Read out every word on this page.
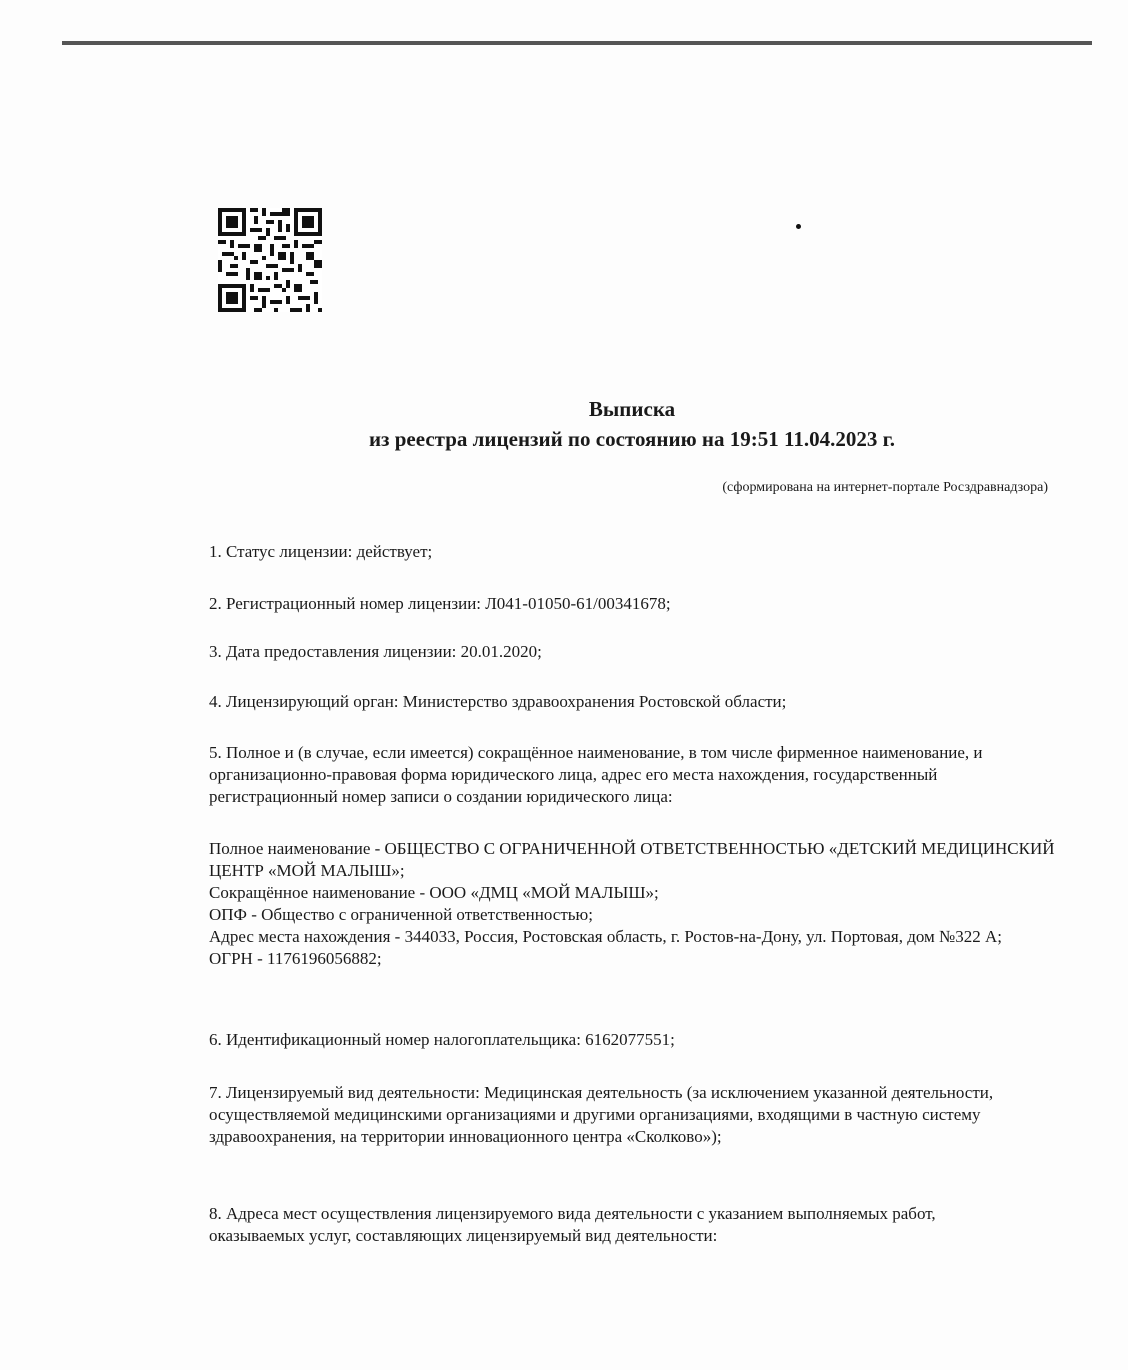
Выписка
из реестра лицензий по состоянию на 19:51 11.04.2023 г.
(сформирована на интернет-портале Росздравнадзора)

1. Статус лицензии: действует;

2. Регистрационный номер лицензии: Л041-01050-61/00341678;

3. Дата предоставления лицензии: 20.01.2020;

4. Лицензирующий орган: Министерство здравоохранения Ростовской области;

5. Полное и (в случае, если имеется) сокращённое наименование, в том числе фирменное наименование, и организационно-правовая форма юридического лица, адрес его места нахождения, государственный регистрационный номер записи о создании юридического лица:

Полное наименование - ОБЩЕСТВО С ОГРАНИЧЕННОЙ ОТВЕТСТВЕННОСТЬЮ «ДЕТСКИЙ МЕДИЦИНСКИЙ ЦЕНТР «МОЙ МАЛЫШ»;
Сокращённое наименование - ООО «ДМЦ «МОЙ МАЛЫШ»;
ОПФ - Общество с ограниченной ответственностью;
Адрес места нахождения - 344033, Россия, Ростовская область, г. Ростов-на-Дону, ул. Портовая, дом №322 А;
ОГРН - 1176196056882;

6. Идентификационный номер налогоплательщика: 6162077551;

7. Лицензируемый вид деятельности: Медицинская деятельность (за исключением указанной деятельности, осуществляемой медицинскими организациями и другими организациями, входящими в частную систему здравоохранения, на территории инновационного центра «Сколково»);

8. Адреса мест осуществления лицензируемого вида деятельности с указанием выполняемых работ, оказываемых услуг, составляющих лицензируемый вид деятельности:
